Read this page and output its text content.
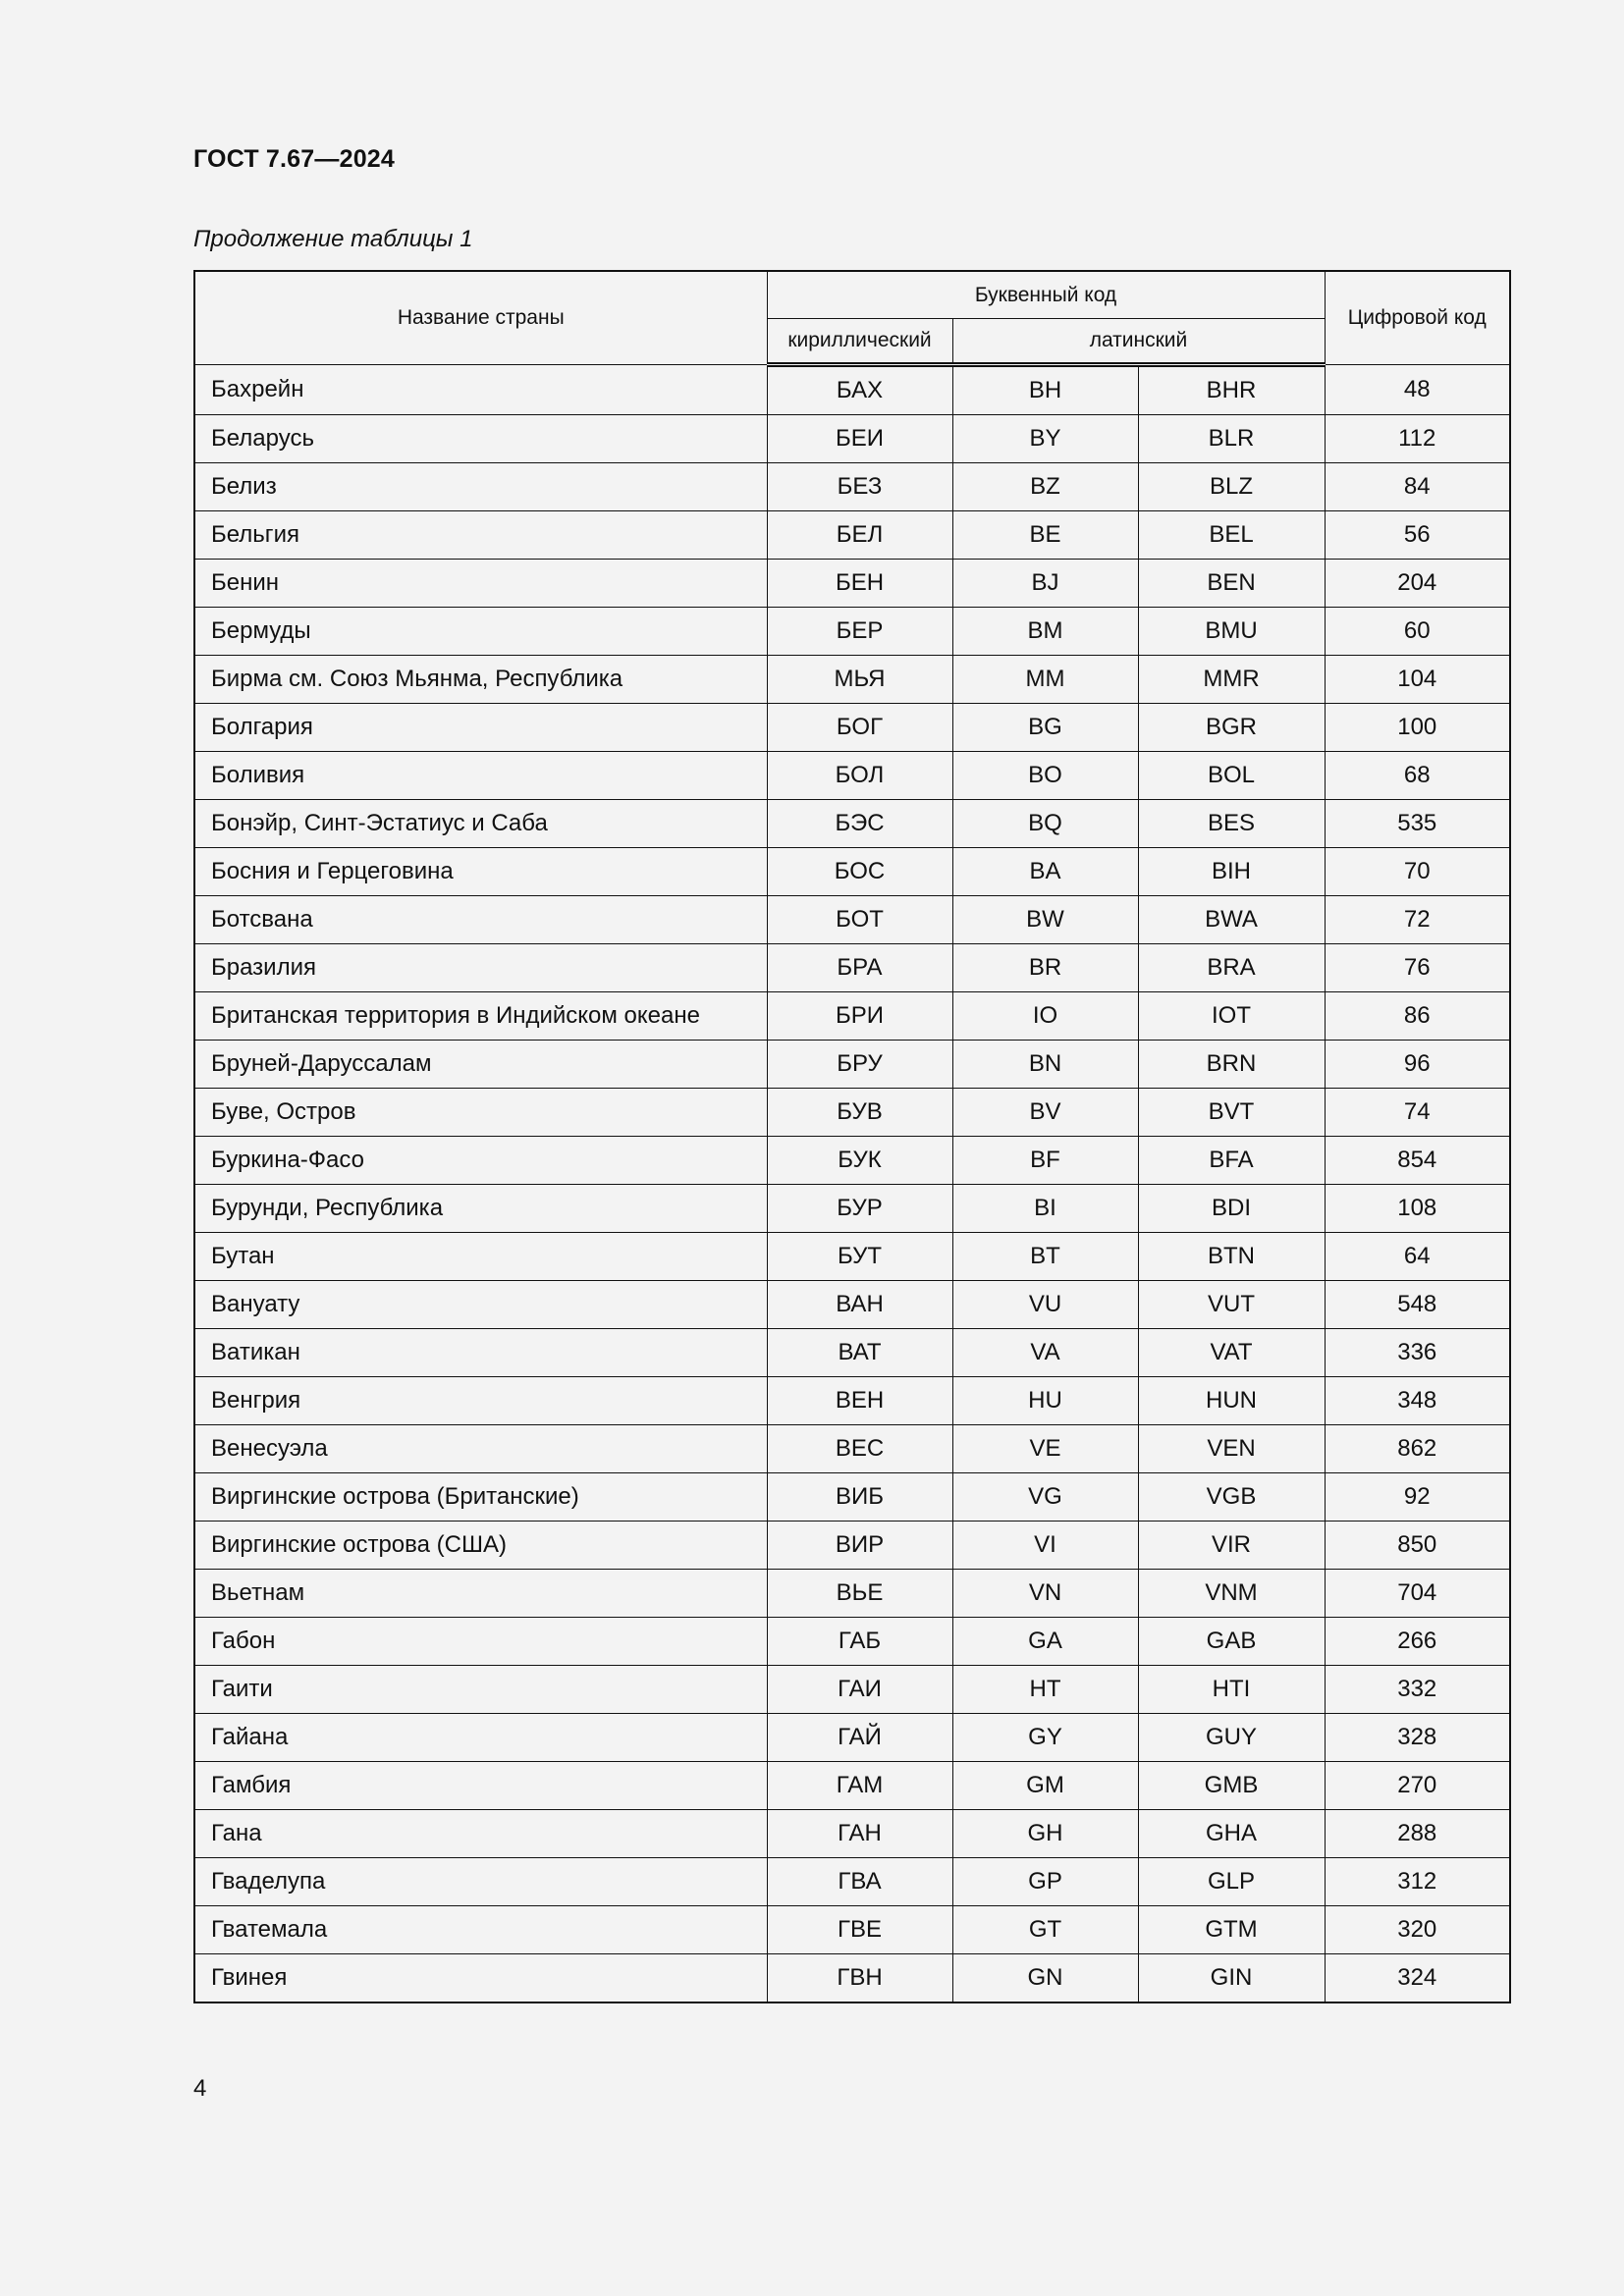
ГОСТ 7.67—2024
Продолжение таблицы 1
Название страны	Буквенный код			Цифровой код
	кириллический	латинский		
Бахрейн	БАХ	BH	BHR	48
Беларусь	БЕИ	BY	BLR	112
Белиз	БЕЗ	BZ	BLZ	84
Бельгия	БЕЛ	BE	BEL	56
Бенин	БЕН	BJ	BEN	204
Бермуды	БЕР	BM	BMU	60
Бирма см. Союз Мьянма, Республика	МЬЯ	MM	MMR	104
Болгария	БОГ	BG	BGR	100
Боливия	БОЛ	BO	BOL	68
Бонэйр, Синт-Эстатиус и Саба	БЭС	BQ	BES	535
Босния и Герцеговина	БОС	BA	BIH	70
Ботсвана	БОТ	BW	BWA	72
Бразилия	БРА	BR	BRA	76
Британская территория в Индийском океане	БРИ	IO	IOT	86
Бруней-Даруссалам	БРУ	BN	BRN	96
Буве, Остров	БУВ	BV	BVT	74
Буркина-Фасо	БУК	BF	BFA	854
Бурунди, Республика	БУР	BI	BDI	108
Бутан	БУТ	BT	BTN	64
Вануату	ВАН	VU	VUT	548
Ватикан	ВАТ	VA	VAT	336
Венгрия	ВЕН	HU	HUN	348
Венесуэла	ВЕС	VE	VEN	862
Виргинские острова (Британские)	ВИБ	VG	VGB	92
Виргинские острова (США)	ВИР	VI	VIR	850
Вьетнам	ВЬЕ	VN	VNM	704
Габон	ГАБ	GA	GAB	266
Гаити	ГАИ	HT	HTI	332
Гайана	ГАЙ	GY	GUY	328
Гамбия	ГАМ	GM	GMB	270
Гана	ГАН	GH	GHA	288
Гваделупа	ГВА	GP	GLP	312
Гватемала	ГВЕ	GT	GTM	320
Гвинея	ГВН	GN	GIN	324
4
